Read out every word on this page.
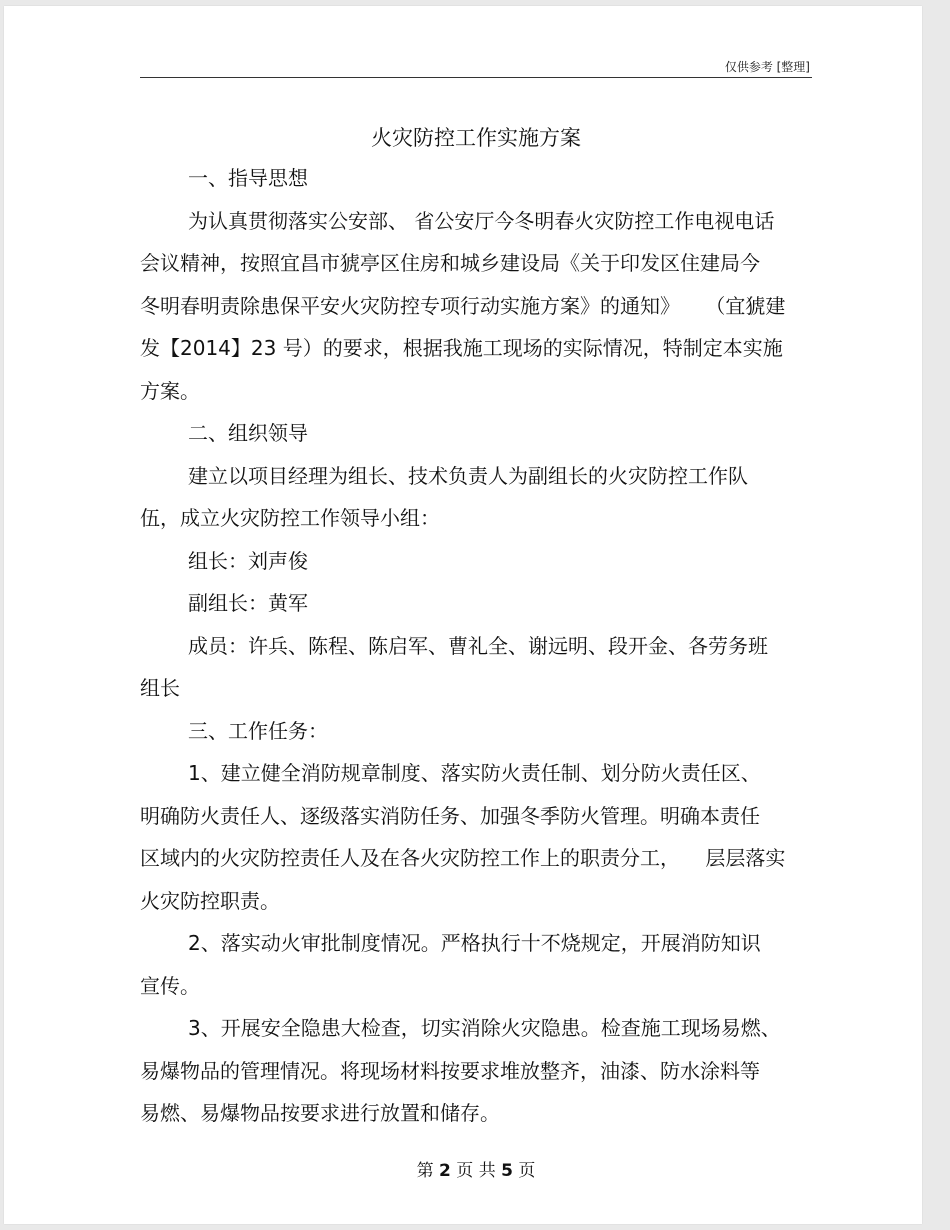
仅供参考 [整理]
火灾防控工作实施方案
一、指导思想
为认真贯彻落实公安部、 省公安厅今冬明春火灾防控工作电视电话
会议精神，按照宜昌市猇亭区住房和城乡建设局《关于印发区住建局今
冬明春明责除患保平安火灾防控专项行动实施方案》的通知》    （宜猇建
发【2014】23 号）的要求，根据我施工现场的实际情况，特制定本实施
方案。
二、组织领导
建立以项目经理为组长、技术负责人为副组长的火灾防控工作队
伍，成立火灾防控工作领导小组：
组长：刘声俊
副组长：黄军
成员：许兵、陈程、陈启军、曹礼全、谢远明、段开金、各劳务班
组长
三、工作任务：
1、建立健全消防规章制度、落实防火责任制、划分防火责任区、
明确防火责任人、逐级落实消防任务、加强冬季防火管理。明确本责任
区域内的火灾防控责任人及在各火灾防控工作上的职责分工，    层层落实
火灾防控职责。
2、落实动火审批制度情况。严格执行十不烧规定，开展消防知识
宣传。
3、开展安全隐患大检查，切实消除火灾隐患。检查施工现场易燃、
易爆物品的管理情况。将现场材料按要求堆放整齐，油漆、防水涂料等
易燃、易爆物品按要求进行放置和储存。
第 2 页 共 5 页
